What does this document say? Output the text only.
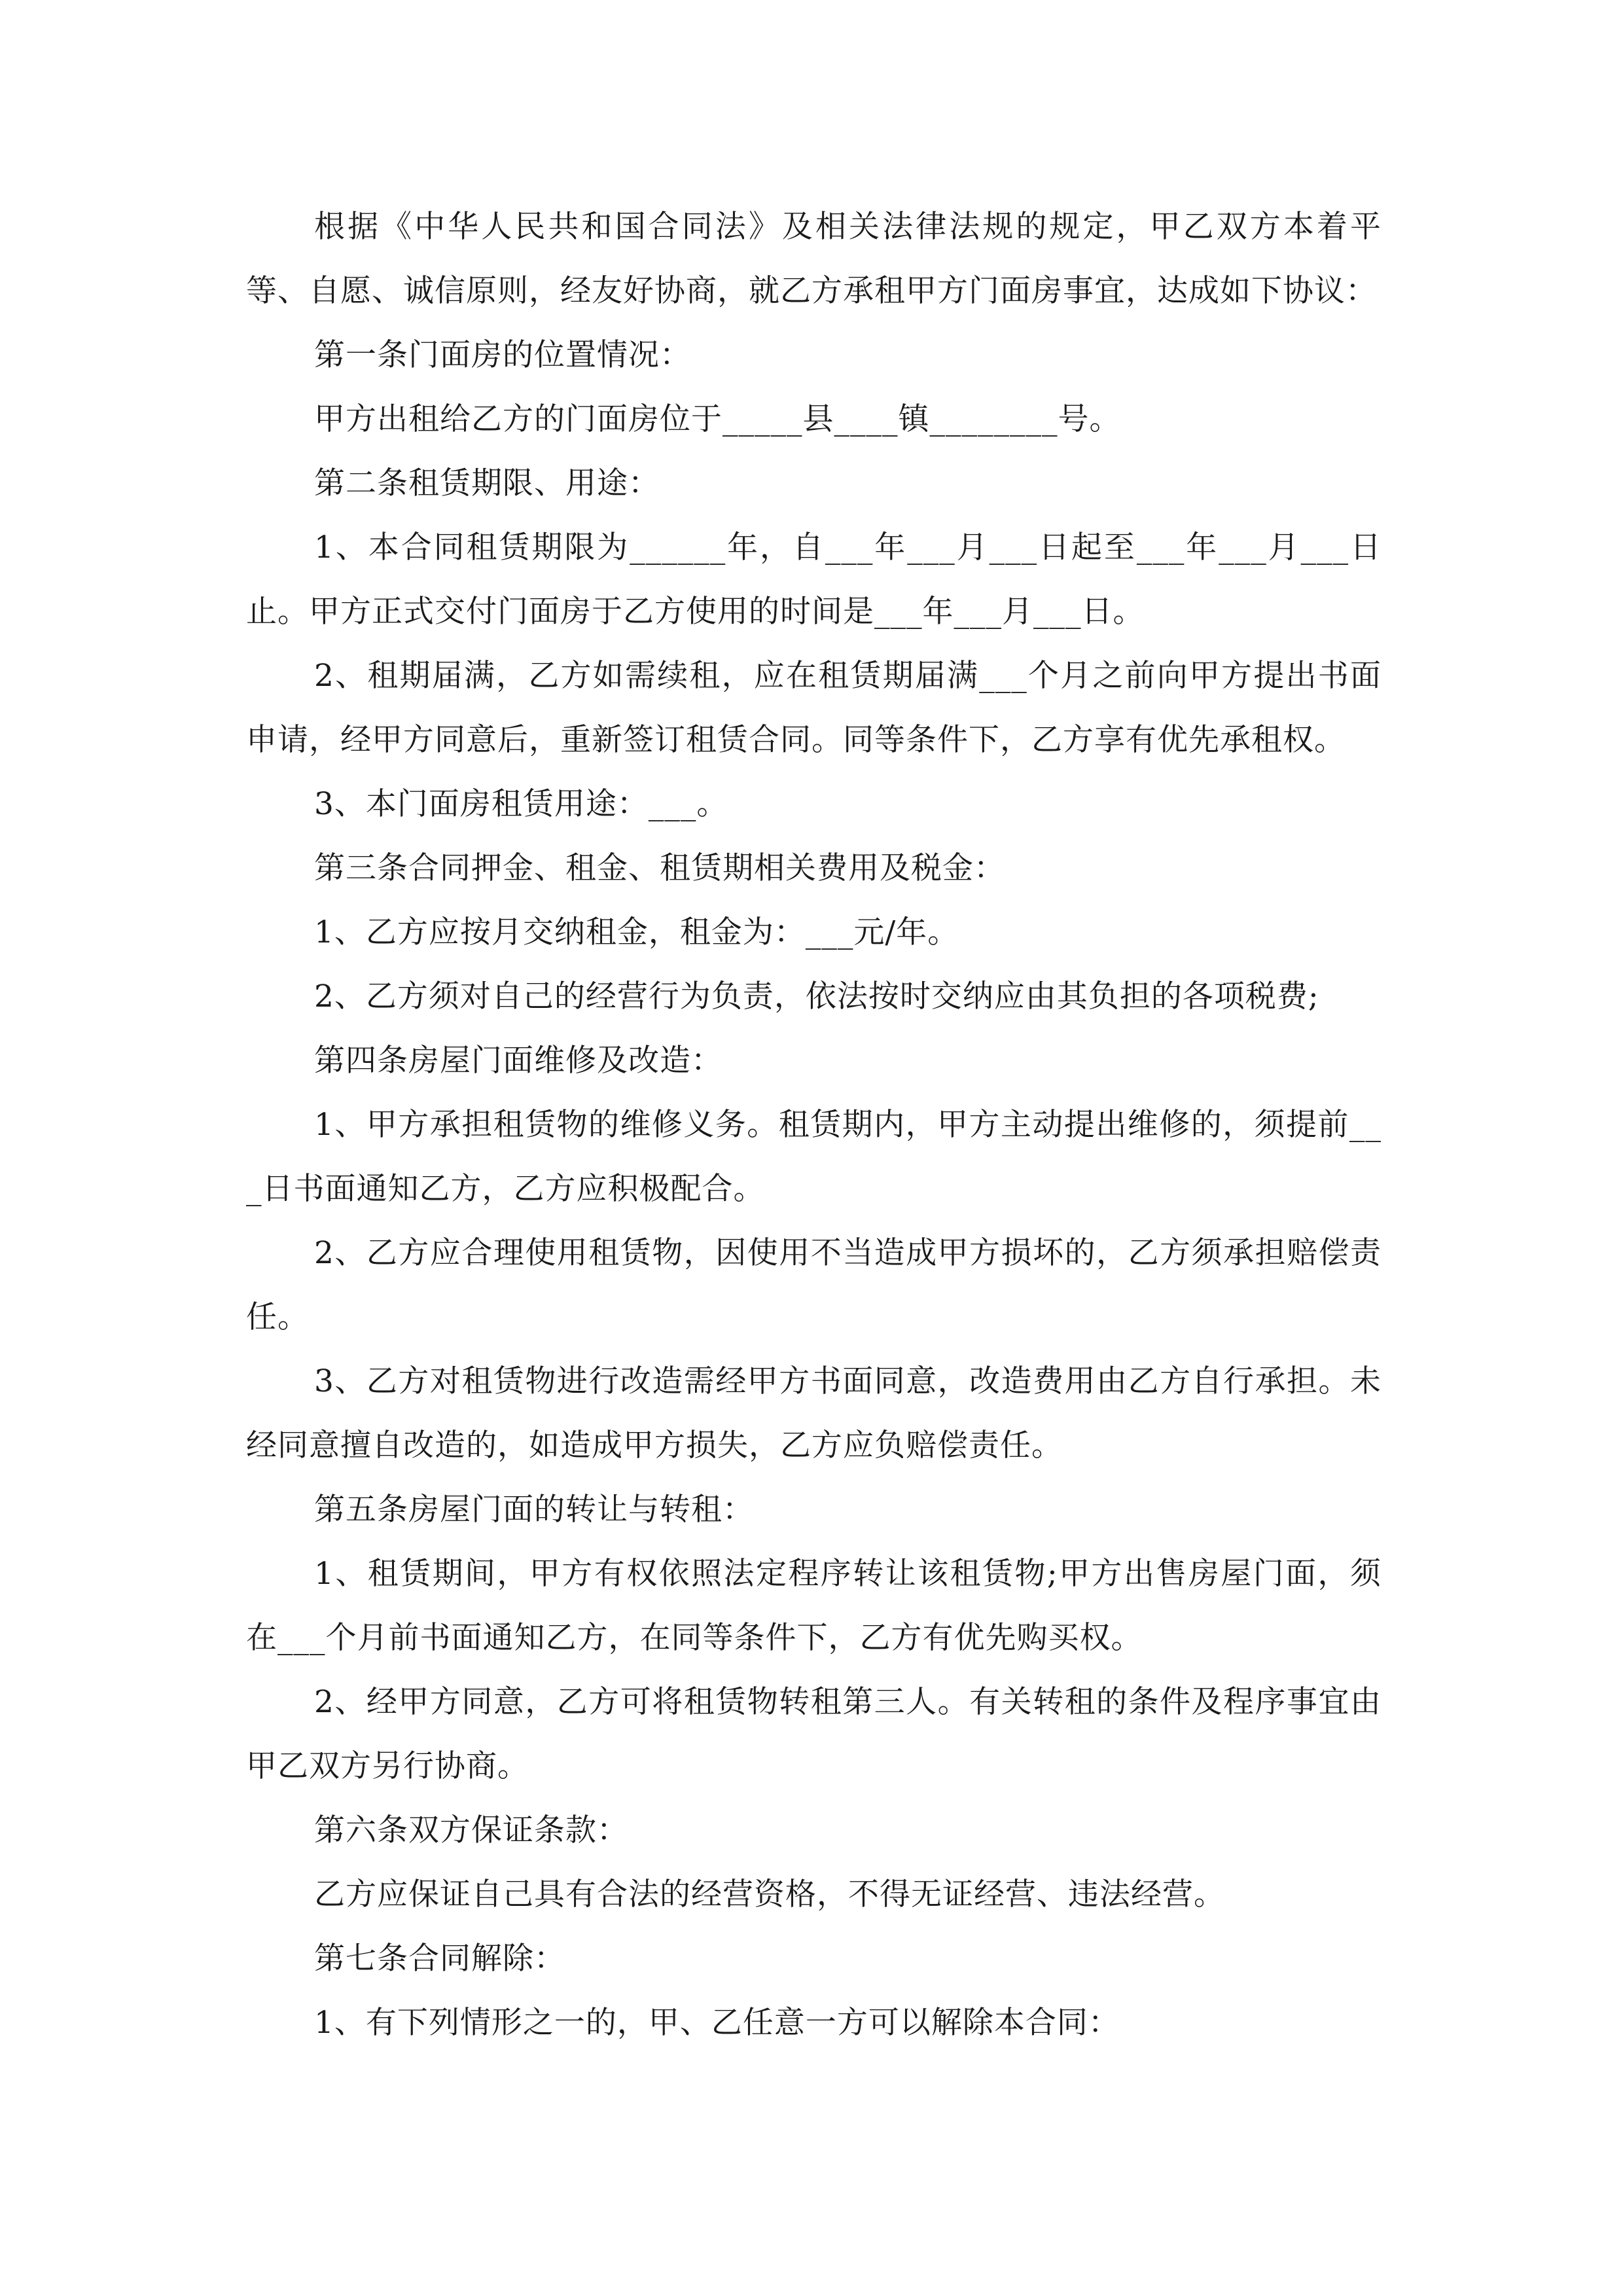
根据《中华人民共和国合同法》及相关法律法规的规定，甲乙双方本着平等、自愿、诚信原则，经友好协商，就乙方承租甲方门面房事宜，达成如下协议：

第一条门面房的位置情况：

甲方出租给乙方的门面房位于_____县____镇________号。

第二条租赁期限、用途：

1、本合同租赁期限为______年，自___年___月___日起至___年___月___日止。甲方正式交付门面房于乙方使用的时间是___年___月___日。

2、租期届满，乙方如需续租，应在租赁期届满___个月之前向甲方提出书面申请，经甲方同意后，重新签订租赁合同。同等条件下，乙方享有优先承租权。

3、本门面房租赁用途：___。

第三条合同押金、租金、租赁期相关费用及税金：

1、乙方应按月交纳租金，租金为：___元/年。

2、乙方须对自己的经营行为负责，依法按时交纳应由其负担的各项税费;

第四条房屋门面维修及改造：

1、甲方承担租赁物的维修义务。租赁期内，甲方主动提出维修的，须提前___日书面通知乙方，乙方应积极配合。

2、乙方应合理使用租赁物，因使用不当造成甲方损坏的，乙方须承担赔偿责任。

3、乙方对租赁物进行改造需经甲方书面同意，改造费用由乙方自行承担。未经同意擅自改造的，如造成甲方损失，乙方应负赔偿责任。

第五条房屋门面的转让与转租：

1、租赁期间，甲方有权依照法定程序转让该租赁物;甲方出售房屋门面，须在___个月前书面通知乙方，在同等条件下，乙方有优先购买权。

2、经甲方同意，乙方可将租赁物转租第三人。有关转租的条件及程序事宜由甲乙双方另行协商。

第六条双方保证条款：

乙方应保证自己具有合法的经营资格，不得无证经营、违法经营。

第七条合同解除：

1、有下列情形之一的，甲、乙任意一方可以解除本合同：
